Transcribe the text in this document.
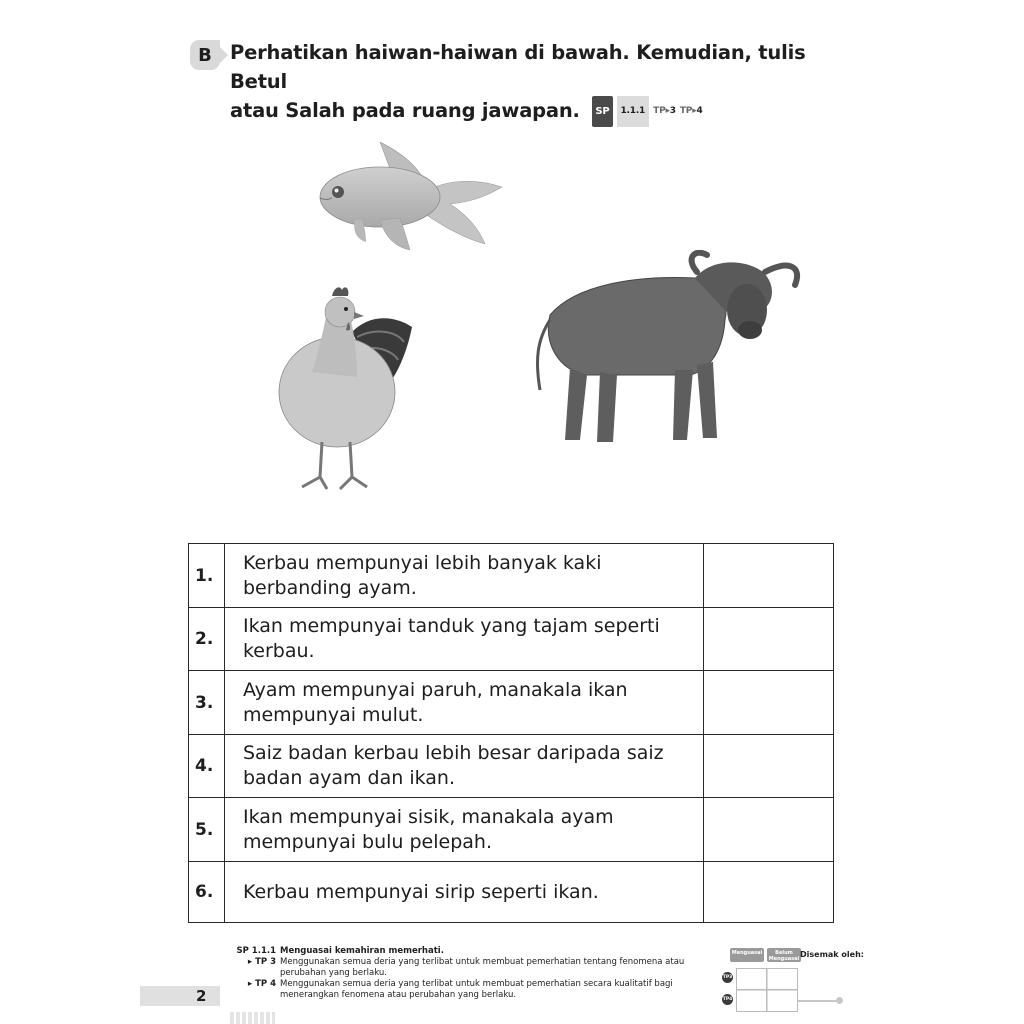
B Perhatikan haiwan-haiwan di bawah. Kemudian, tulis Betul
atau Salah pada ruang jawapan.	SP	1.1.1 TP▸3 TP▸4
1.	Kerbau mempunyai lebih banyak kaki
berbanding ayam.	
2.	Ikan mempunyai tanduk yang tajam seperti
kerbau.	
3.	Ayam mempunyai paruh, manakala ikan
mempunyai mulut.	
4.	Saiz badan kerbau lebih besar daripada saiz
badan ayam dan ikan.	
5.	Ikan mempunyai sisik, manakala ayam
mempunyai bulu pelepah.	
6.	Kerbau mempunyai sirip seperti ikan.	
2
SP 1.1.1 Menguasai kemahiran memerhati.
▸ TP 3 Menggunakan semua deria yang terlibat untuk membuat pemerhatian tentang fenomena atau perubahan yang berlaku.
▸ TP 4 Menggunakan semua deria yang terlibat untuk membuat pemerhatian secara kualitatif bagi menerangkan fenomena atau perubahan yang berlaku.
Menguasai	Belum Menguasai Disemak oleh:
TP3
TP4
